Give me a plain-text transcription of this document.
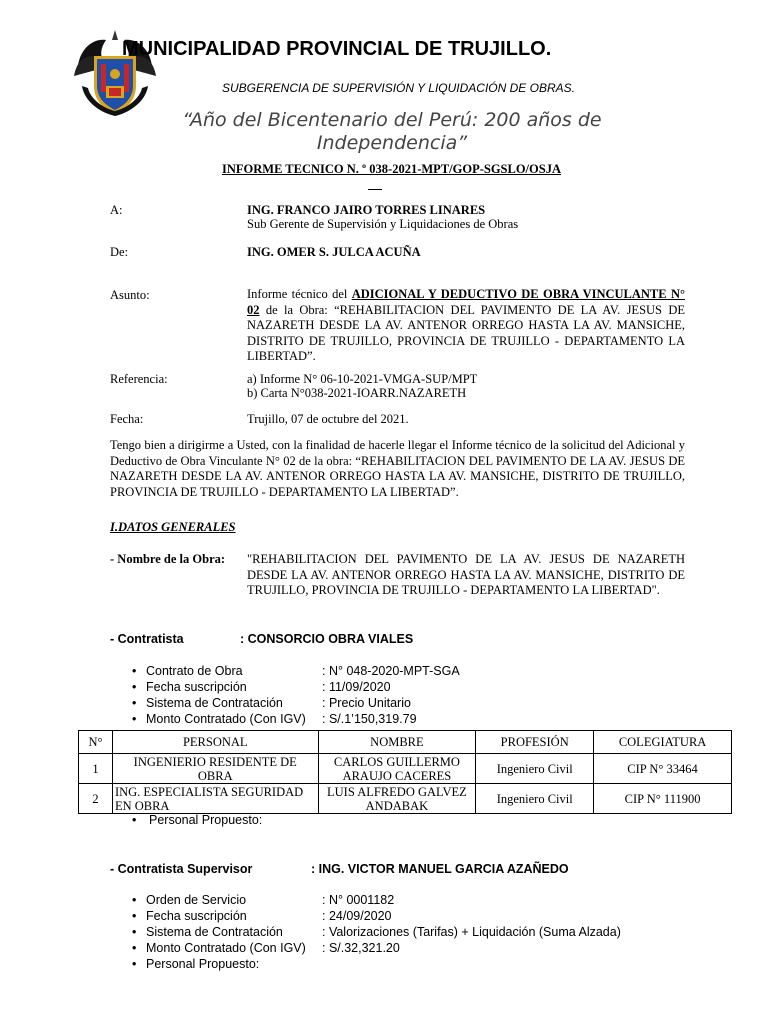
MUNICIPALIDAD PROVINCIAL DE TRUJILLO.
SUBGERENCIA DE SUPERVISIÓN Y LIQUIDACIÓN DE OBRAS.
“Año del Bicentenario del Perú: 200 años de Independencia”
INFORME TECNICO N. º 038-2021-MPT/GOP-SGSLO/OSJA
A:	ING. FRANCO JAIRO TORRES LINARES
Sub Gerente de Supervisión y Liquidaciones de Obras
De:	ING. OMER S. JULCA ACUÑA
Asunto:	Informe técnico del ADICIONAL Y DEDUCTIVO DE OBRA VINCULANTE N° 02 de la Obra: “REHABILITACION DEL PAVIMENTO DE LA AV. JESUS DE NAZARETH DESDE LA AV. ANTENOR ORREGO HASTA LA AV. MANSICHE, DISTRITO DE TRUJILLO, PROVINCIA DE TRUJILLO - DEPARTAMENTO LA LIBERTAD”.
Referencia:	a) Informe N° 06-10-2021-VMGA-SUP/MPT
b) Carta N°038-2021-IOARR.NAZARETH
Fecha:	Trujillo, 07 de octubre del 2021.
Tengo bien a dirigirme a Usted, con la finalidad de hacerle llegar el Informe técnico de la solicitud del Adicional y Deductivo de Obra Vinculante N° 02 de la obra: “REHABILITACION DEL PAVIMENTO DE LA AV. JESUS DE NAZARETH DESDE LA AV. ANTENOR ORREGO HASTA LA AV. MANSICHE, DISTRITO DE TRUJILLO, PROVINCIA DE TRUJILLO - DEPARTAMENTO LA LIBERTAD”.
I.DATOS GENERALES
- Nombre de la Obra: "REHABILITACION DEL PAVIMENTO DE LA AV. JESUS DE NAZARETH DESDE LA AV. ANTENOR ORREGO HASTA LA AV. MANSICHE, DISTRITO DE TRUJILLO, PROVINCIA DE TRUJILLO - DEPARTAMENTO LA LIBERTAD".
- Contratista	: CONSORCIO OBRA VIALES
• Contrato de Obra	: N° 048-2020-MPT-SGA
• Fecha suscripción	: 11/09/2020
• Sistema de Contratación	: Precio Unitario
• Monto Contratado (Con IGV) : S/.1’150,319.79
N°	PERSONAL	NOMBRE	PROFESIÓN	COLEGIATURA
1	INGENIERIO RESIDENTE DE OBRA	CARLOS GUILLERMO ARAUJO CACERES	Ingeniero Civil	CIP N° 33464
2	ING. ESPECIALISTA SEGURIDAD EN OBRA	LUIS ALFREDO GALVEZ ANDABAK	Ingeniero Civil	CIP N° 111900
• Personal Propuesto:
- Contratista Supervisor	: ING. VICTOR MANUEL GARCIA AZAÑEDO
• Orden de Servicio	: N° 0001182
• Fecha suscripción	: 24/09/2020
• Sistema de Contratación	: Valorizaciones (Tarifas) + Liquidación (Suma Alzada)
• Monto Contratado (Con IGV) : S/.32,321.20
• Personal Propuesto:
